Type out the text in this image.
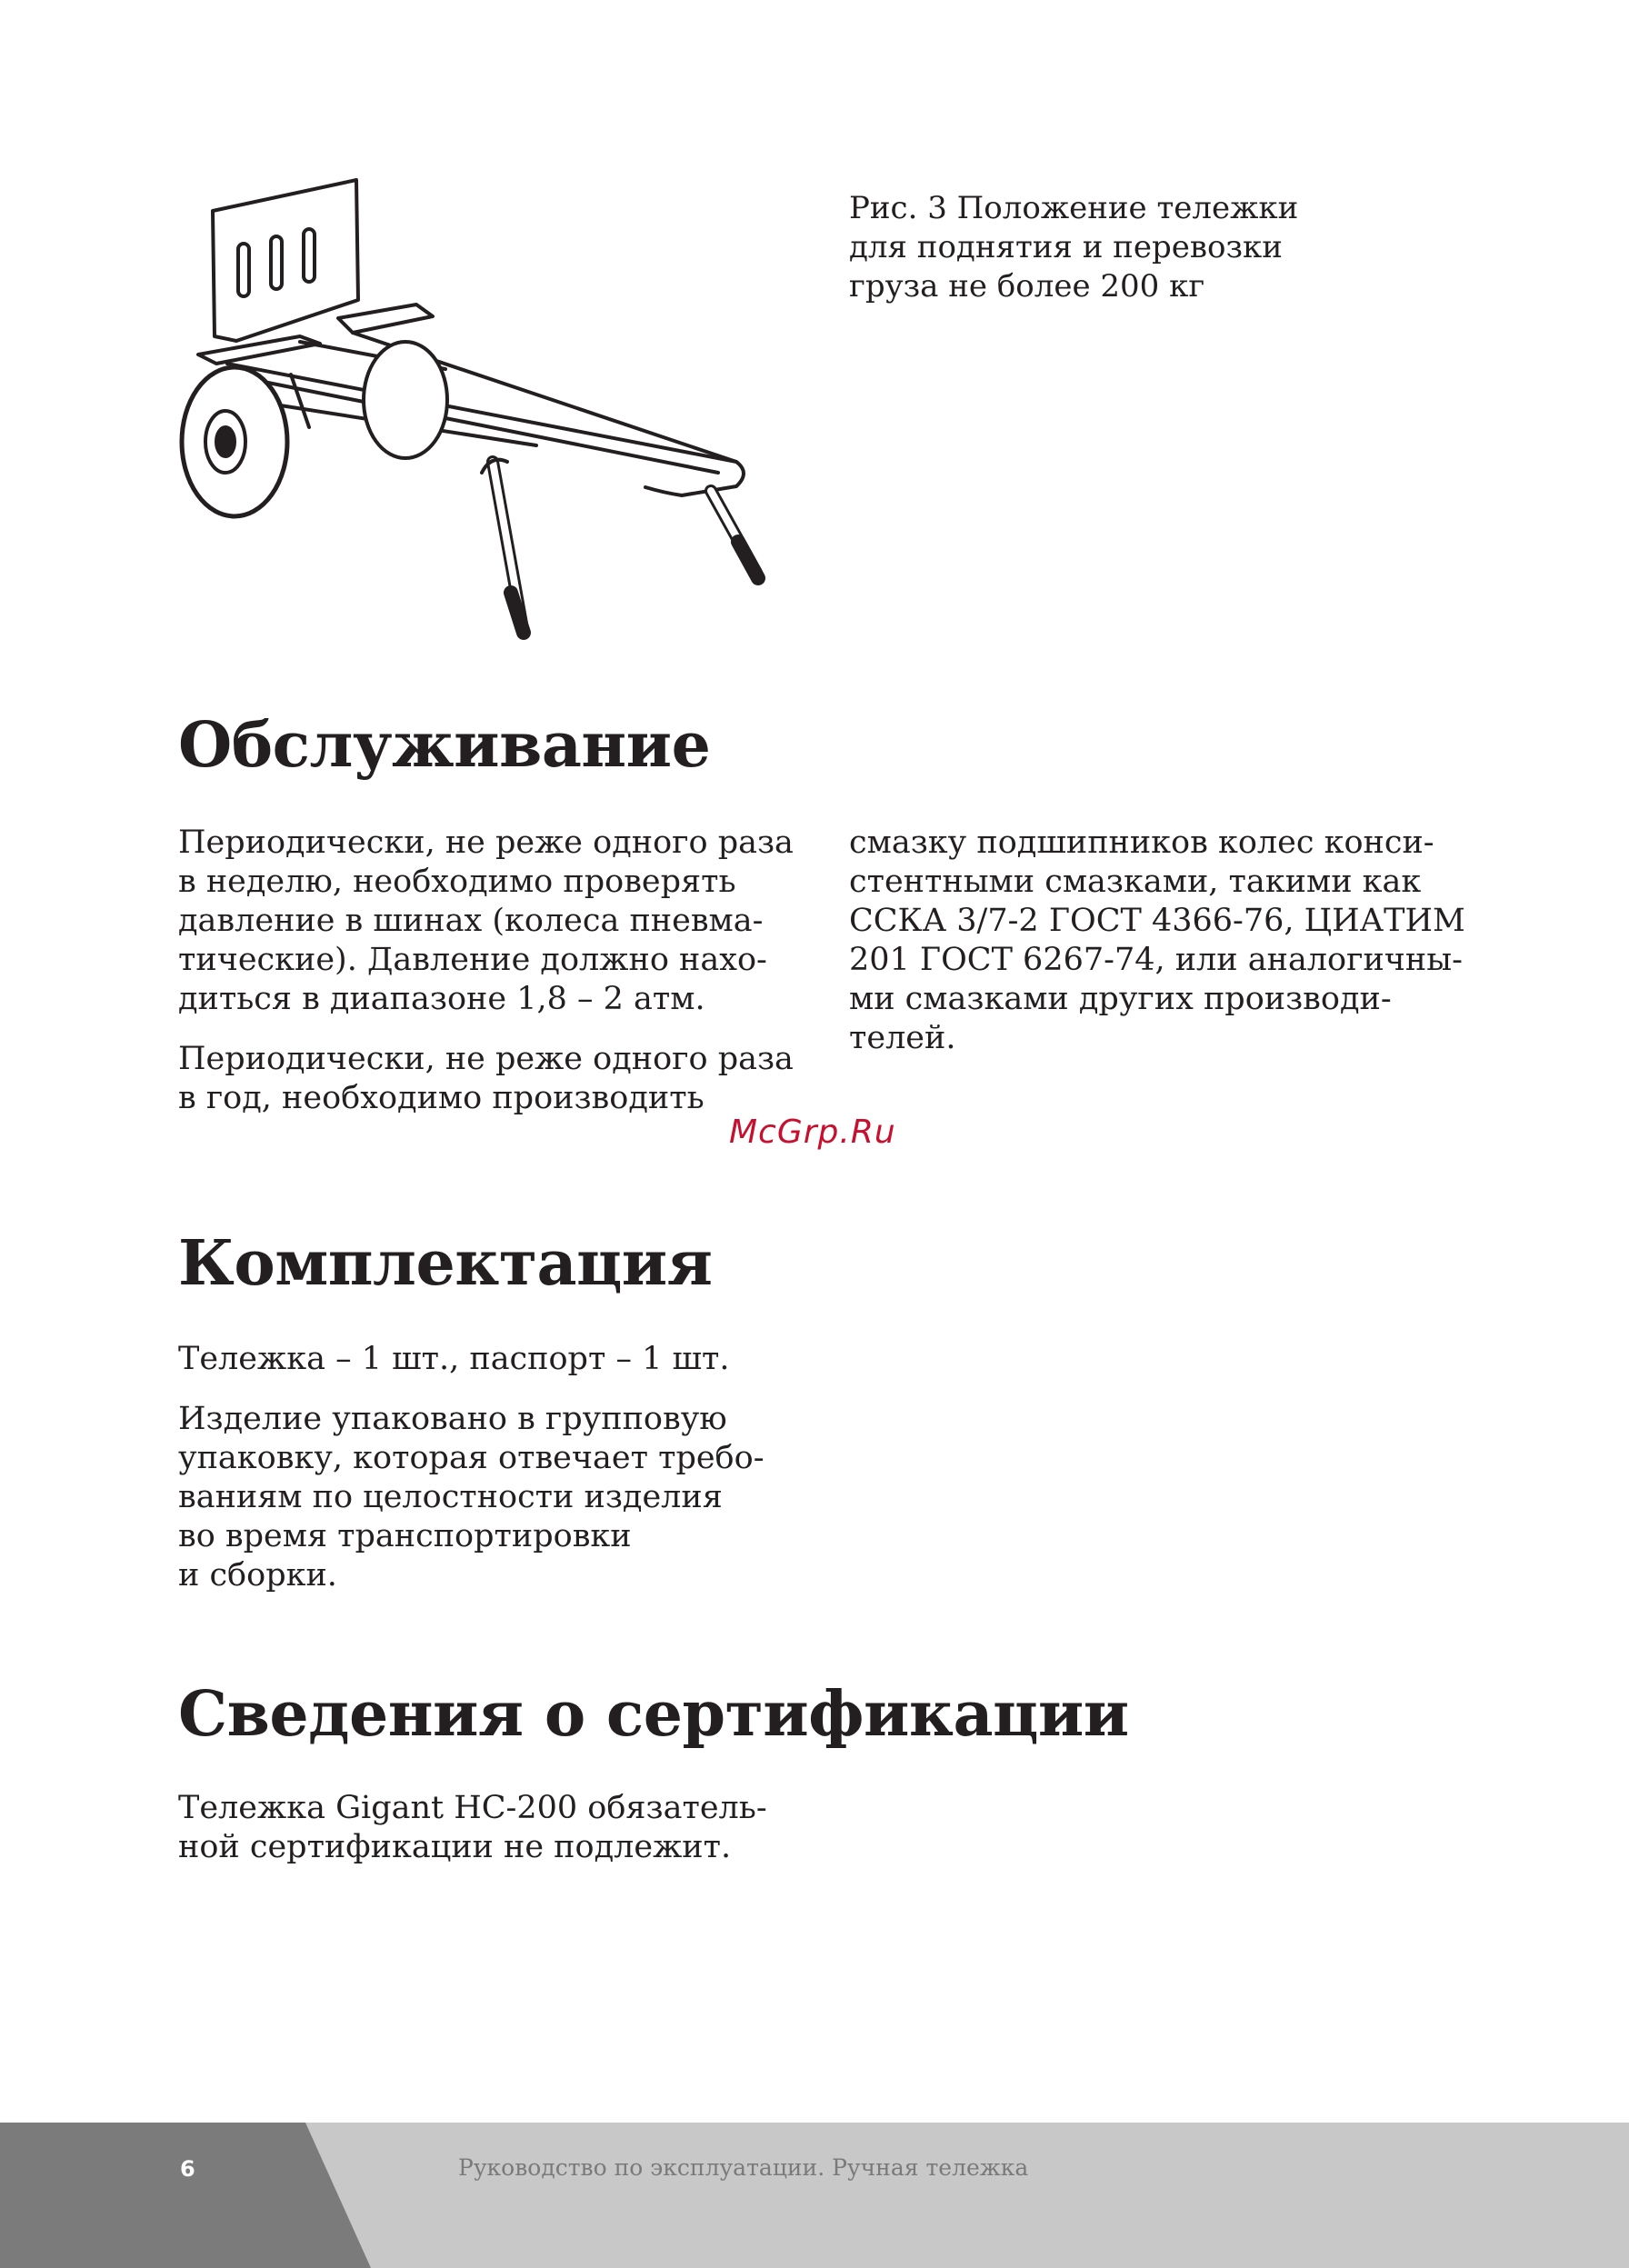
Рис. 3 Положение тележки
для поднятия и перевозки
груза не более 200 кг
Обслуживание

Периодически, не реже одного раза
в неделю, необходимо проверять
давление в шинах (колеса пневма-
тические). Давление должно нахо-
диться в диапазоне 1,8 – 2 атм.

Периодически, не реже одного раза
в год, необходимо производить

смазку подшипников колес конси-
стентными смазками, такими как
ССКА 3/7-2 ГОСТ 4366-76, ЦИАТИМ
201 ГОСТ 6267-74, или аналогичны-
ми смазками других производи-
телей.

McGrp.Ru
Комплектация

Тележка – 1 шт., паспорт – 1 шт.

Изделие упаковано в групповую
упаковку, которая отвечает требо-
ваниям по целостности изделия
во время транспортировки
и сборки.

Сведения о сертификации

Тележка Gigant HC-200 обязатель-
ной сертификации не подлежит.

6	Руководство по эксплуатации. Ручная тележка
